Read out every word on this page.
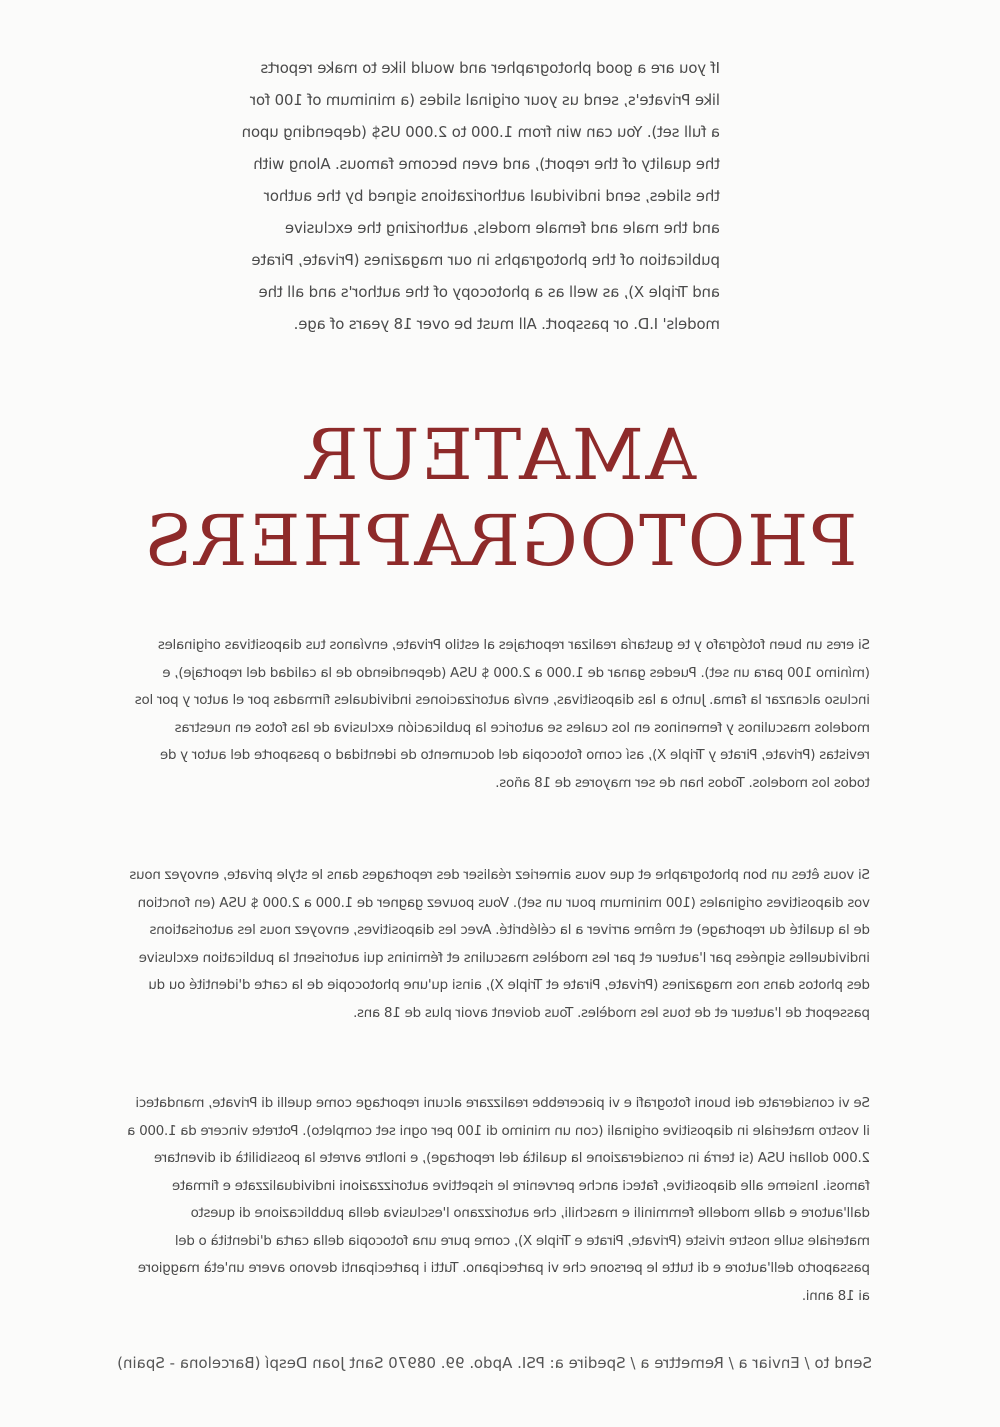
If you are a good photographer and would like to make reports like Private's, send us your original slides (a minimum of 100 for a full set). You can win from 1.000 to 2.000 US$ (depending upon the quality of the report), and even become famous. Along with the slides, send individual authorizations signed by the author and the male and female models, authorizing the exclusive publication of the photographs in our magazines (Private, Pirate and Triple X), as well as a photocopy of the author's and all the models' I.D. or passport. All must be over 18 years of age.

AMATEUR
PHOTOGRAPHERS

Si eres un buen fotógrafo y te gustaría realizar reportajes al estilo Private, envíanos tus diapositivas originales (mínimo 100 para un set). Puedes ganar de 1.000 a 2.000 $ USA (dependiendo de la calidad del reportaje), e incluso alcanzar la fama. Junto a las diapositivas, envía autorizaciones individuales firmadas por el autor y por los modelos masculinos y femeninos en los cuales se autorice la publicación exclusiva de las fotos en nuestras revistas (Private, Pirate y Triple X), así como fotocopia del documento de identidad o pasaporte del autor y de todos los modelos. Todos han de ser mayores de 18 años.

Si vous êtes un bon photographe et que vous aimeriez réaliser des reportages dans le style private, envoyez nous vos diapositives originales (100 minimum pour un set). Vous pouvez gagner de 1.000 a 2.000 $ USA (en fonction de la qualité du reportage) et même arriver a la célébrité. Avec les diapositives, envoyez nous les autorisations individuelles signées par l'auteur et par les modèles masculins et féminins qui autorisent la publication exclusive des photos dans nos magazines (Private, Pirate et Triple X), ainsi qu'une photocopie de la carte d'identité ou du passeport de l'auteur et de tous les modèles. Tous doivent avoir plus de 18 ans.

Se vi considerate dei buoni fotografi e vi piacerebbe realizzare alcuni reportage come quelli di Private, mandateci il vostro materiale in diapositive originali (con un minimo di 100 per ogni set completo). Potrete vincere da 1.000 a 2.000 dollari USA (si terrà in considerazione la qualità del reportage), e inoltre avrete la possibilità di diventare famosi. Insieme alle diapositive, fateci anche pervenire le rispettive autorizzazioni individualizzate e firmate dall'autore e dalle modelle femminili e maschili, che autorizzano l'esclusiva della pubblicazione di questo materiale sulle nostre riviste (Private, Pirate e Triple X), come pure una fotocopia della carta d'identità o del passaporto dell'autore e di tutte le persone che vi partecipano. Tutti i partecipanti devono avere un'età maggiore ai 18 anni.

Send to / Enviar a / Remettre a / Spedire a: PSI. Apdo. 99. 08970 Sant Joan Despí (Barcelona - Spain)
